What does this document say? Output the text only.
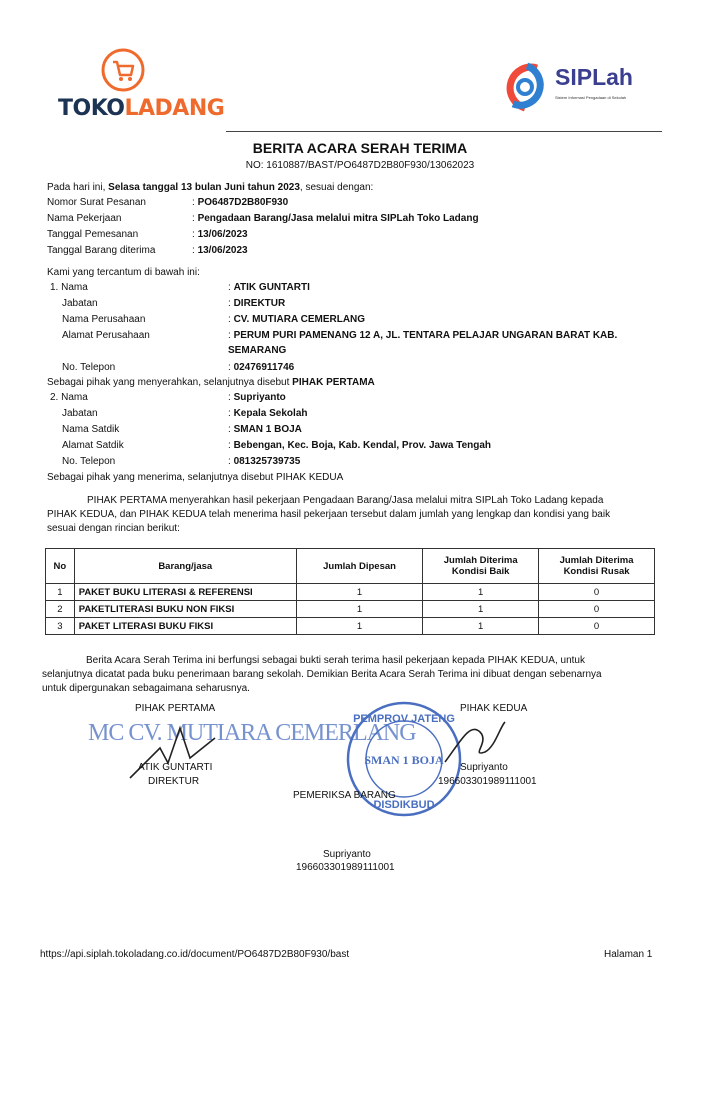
TOKOLADANG
SIPLah
Sistem Informasi Pengadaan di Sekolah
BERITA ACARA SERAH TERIMA
NO: 1610887/BAST/PO6487D2B80F930/13062023
Pada hari ini, Selasa tanggal 13 bulan Juni tahun 2023, sesuai dengan:
Nomor Surat Pesanan	: PO6487D2B80F930
Nama Pekerjaan	: Pengadaan Barang/Jasa melalui mitra SIPLah Toko Ladang
Tanggal Pemesanan	: 13/06/2023
Tanggal Barang diterima	: 13/06/2023
Kami yang tercantum di bawah ini:
1. Nama	: ATIK GUNTARTI
Jabatan	: DIREKTUR
Nama Perusahaan	: CV. MUTIARA CEMERLANG
Alamat Perusahaan	: PERUM PURI PAMENANG 12 A, JL. TENTARA PELAJAR UNGARAN BARAT KAB.
SEMARANG
No. Telepon	: 02476911746
Sebagai pihak yang menyerahkan, selanjutnya disebut PIHAK PERTAMA
2. Nama	: Supriyanto
Jabatan	: Kepala Sekolah
Nama Satdik	: SMAN 1 BOJA
Alamat Satdik	: Bebengan, Kec. Boja, Kab. Kendal, Prov. Jawa Tengah
No. Telepon	: 081325739735
Sebagai pihak yang menerima, selanjutnya disebut PIHAK KEDUA
PIHAK PERTAMA menyerahkan hasil pekerjaan Pengadaan Barang/Jasa melalui mitra SIPLah Toko Ladang kepada
PIHAK KEDUA, dan PIHAK KEDUA telah menerima hasil pekerjaan tersebut dalam jumlah yang lengkap dan kondisi yang baik
sesuai dengan rincian berikut:
No	Barang/jasa	Jumlah Dipesan	Jumlah Diterima Kondisi Baik	Jumlah Diterima Kondisi Rusak
1	PAKET BUKU LITERASI & REFERENSI	1	1	0
2	PAKETLITERASI BUKU NON FIKSI	1	1	0
3	PAKET LITERASI BUKU FIKSI	1	1	0
Berita Acara Serah Terima ini berfungsi sebagai bukti serah terima hasil pekerjaan kepada PIHAK KEDUA, untuk
selanjutnya dicatat pada buku penerimaan barang sekolah. Demikian Berita Acara Serah Terima ini dibuat dengan sebenarnya
untuk dipergunakan sebagaimana seharusnya.
PIHAK PERTAMA
MC CV. MUTIARA CEMERLANG
ATIK GUNTARTI
DIREKTUR
PEMPROV JATENG
SMAN 1 BOJA
DISDIKBUD
PIHAK KEDUA
Supriyanto
196603301989111001
PEMERIKSA BARANG
Supriyanto
196603301989111001
https://api.siplah.tokoladang.co.id/document/PO6487D2B80F930/bast	Halaman 1
